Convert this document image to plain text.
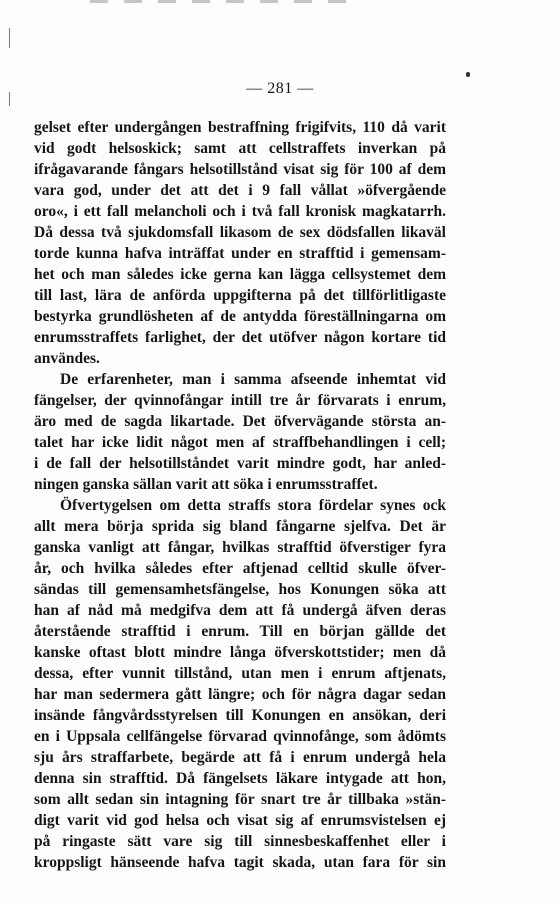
— 281 —
gelset efter undergången bestraffning frigifvits, 110 då varit
vid godt helsoskick; samt att cellstraffets inverkan på
ifrågavarande fångars helsotillstånd visat sig för 100 af dem
vara god, under det att det i 9 fall vållat »öfvergående
oro«, i ett fall melancholi och i två fall kronisk magkatarrh.
Då dessa två sjukdomsfall likasom de sex dödsfallen likaväl
torde kunna hafva inträffat under en strafftid i gemensam-
het och man således icke gerna kan lägga cellsystemet dem
till last, lära de anförda uppgifterna på det tillförlitligaste
bestyrka grundlösheten af de antydda föreställningarna om
enrumsstraffets farlighet, der det utöfver någon kortare tid
användes.
De erfarenheter, man i samma afseende inhemtat vid
fängelser, der qvinnofångar intill tre år förvarats i enrum,
äro med de sagda likartade. Det öfvervägande största an-
talet har icke lidit något men af straffbehandlingen i cell;
i de fall der helsotillståndet varit mindre godt, har anled-
ningen ganska sällan varit att söka i enrumsstraffet.
Öfvertygelsen om detta straffs stora fördelar synes ock
allt mera börja sprida sig bland fångarne sjelfva. Det är
ganska vanligt att fångar, hvilkas strafftid öfverstiger fyra
år, och hvilka således efter aftjenad celltid skulle öfver-
sändas till gemensamhetsfängelse, hos Konungen söka att
han af nåd må medgifva dem att få undergå äfven deras
återstående strafftid i enrum. Till en början gällde det
kanske oftast blott mindre långa öfverskottstider; men då
dessa, efter vunnit tillstånd, utan men i enrum aftjenats,
har man sedermera gått längre; och för några dagar sedan
insände fångvårdsstyrelsen till Konungen en ansökan, deri
en i Uppsala cellfängelse förvarad qvinnofånge, som ådömts
sju års straffarbete, begärde att få i enrum undergå hela
denna sin strafftid. Då fängelsets läkare intygade att hon,
som allt sedan sin intagning för snart tre år tillbaka »stän-
digt varit vid god helsa och visat sig af enrumsvistelsen ej
på ringaste sätt vare sig till sinnesbeskaffenhet eller i
kroppsligt hänseende hafva tagit skada, utan fara för sin
